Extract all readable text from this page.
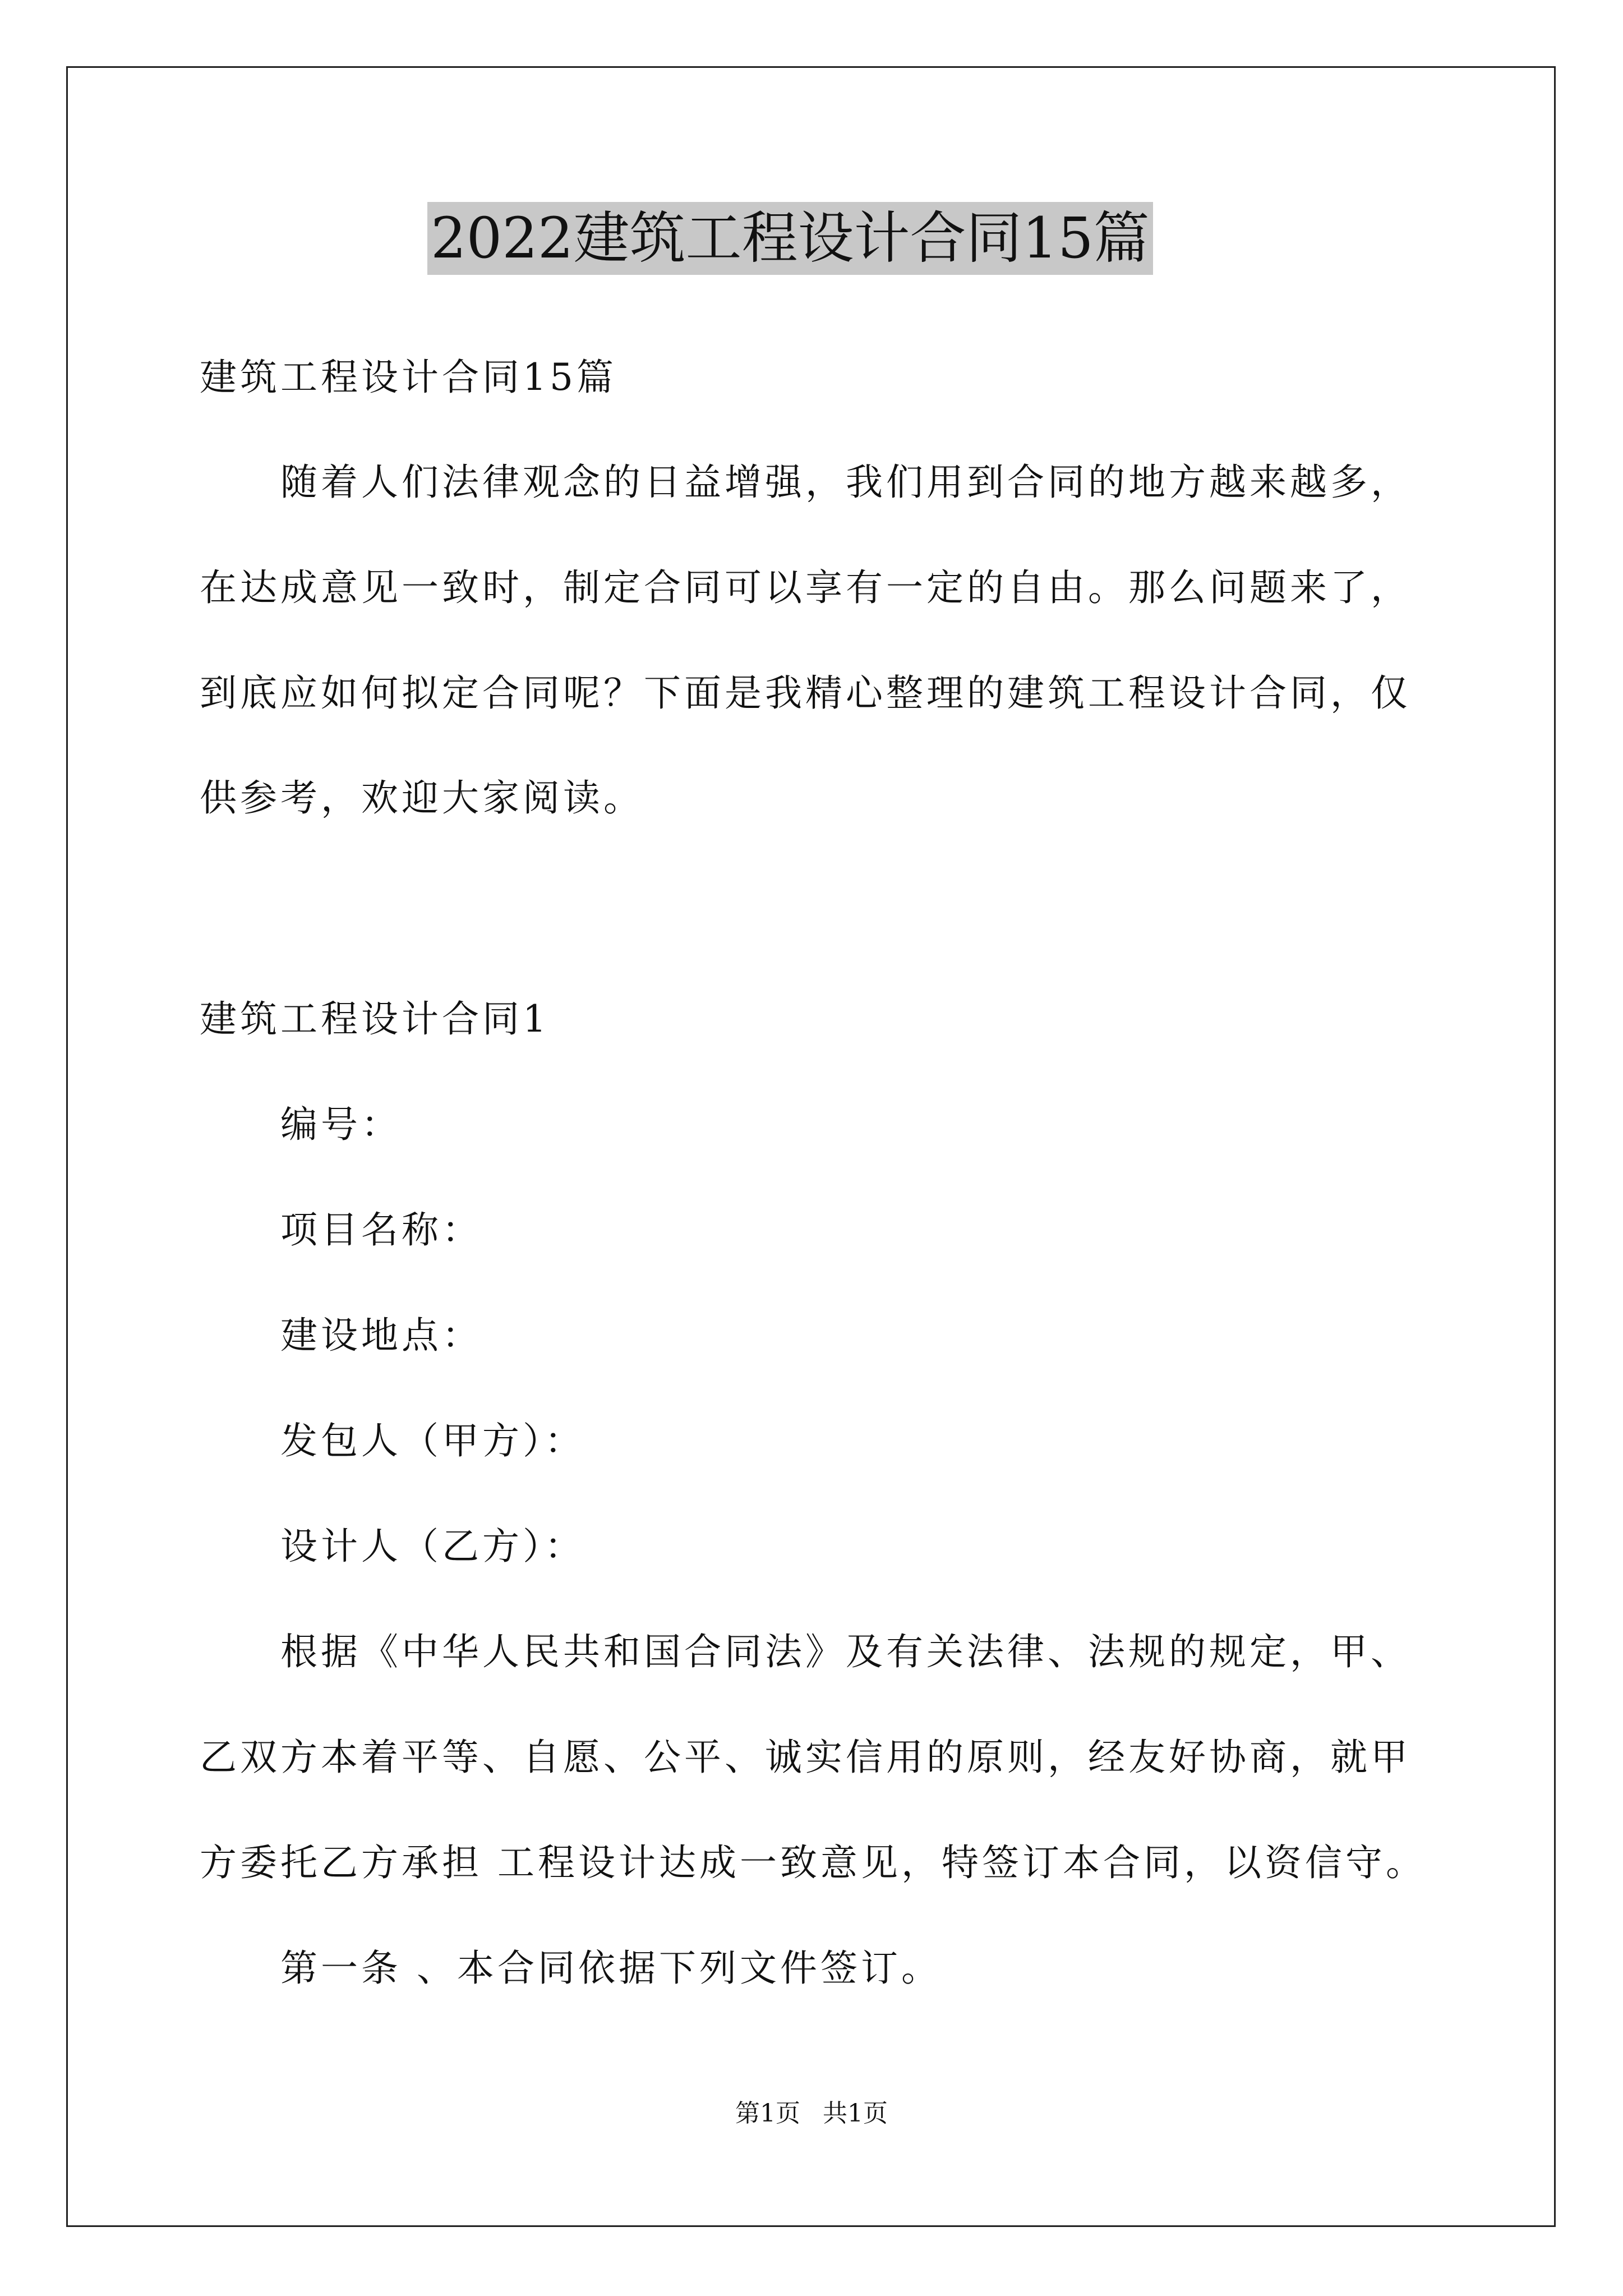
2022建筑工程设计合同15篇
建筑工程设计合同15篇
随着人们法律观念的日益增强，我们用到合同的地方越来越多，
在达成意见一致时，制定合同可以享有一定的自由。那么问题来了，
到底应如何拟定合同呢？下面是我精心整理的建筑工程设计合同，仅
供参考，欢迎大家阅读。
建筑工程设计合同1
编号：
项目名称：
建设地点：
发包人（甲方）：
设计人（乙方）：
根据《中华人民共和国合同法》及有关法律、法规的规定，甲、
乙双方本着平等、自愿、公平、诚实信用的原则，经友好协商，就甲
方委托乙方承担 工程设计达成一致意见，特签订本合同，以资信守。
第一条 、本合同依据下列文件签订。
第1页 共1页
